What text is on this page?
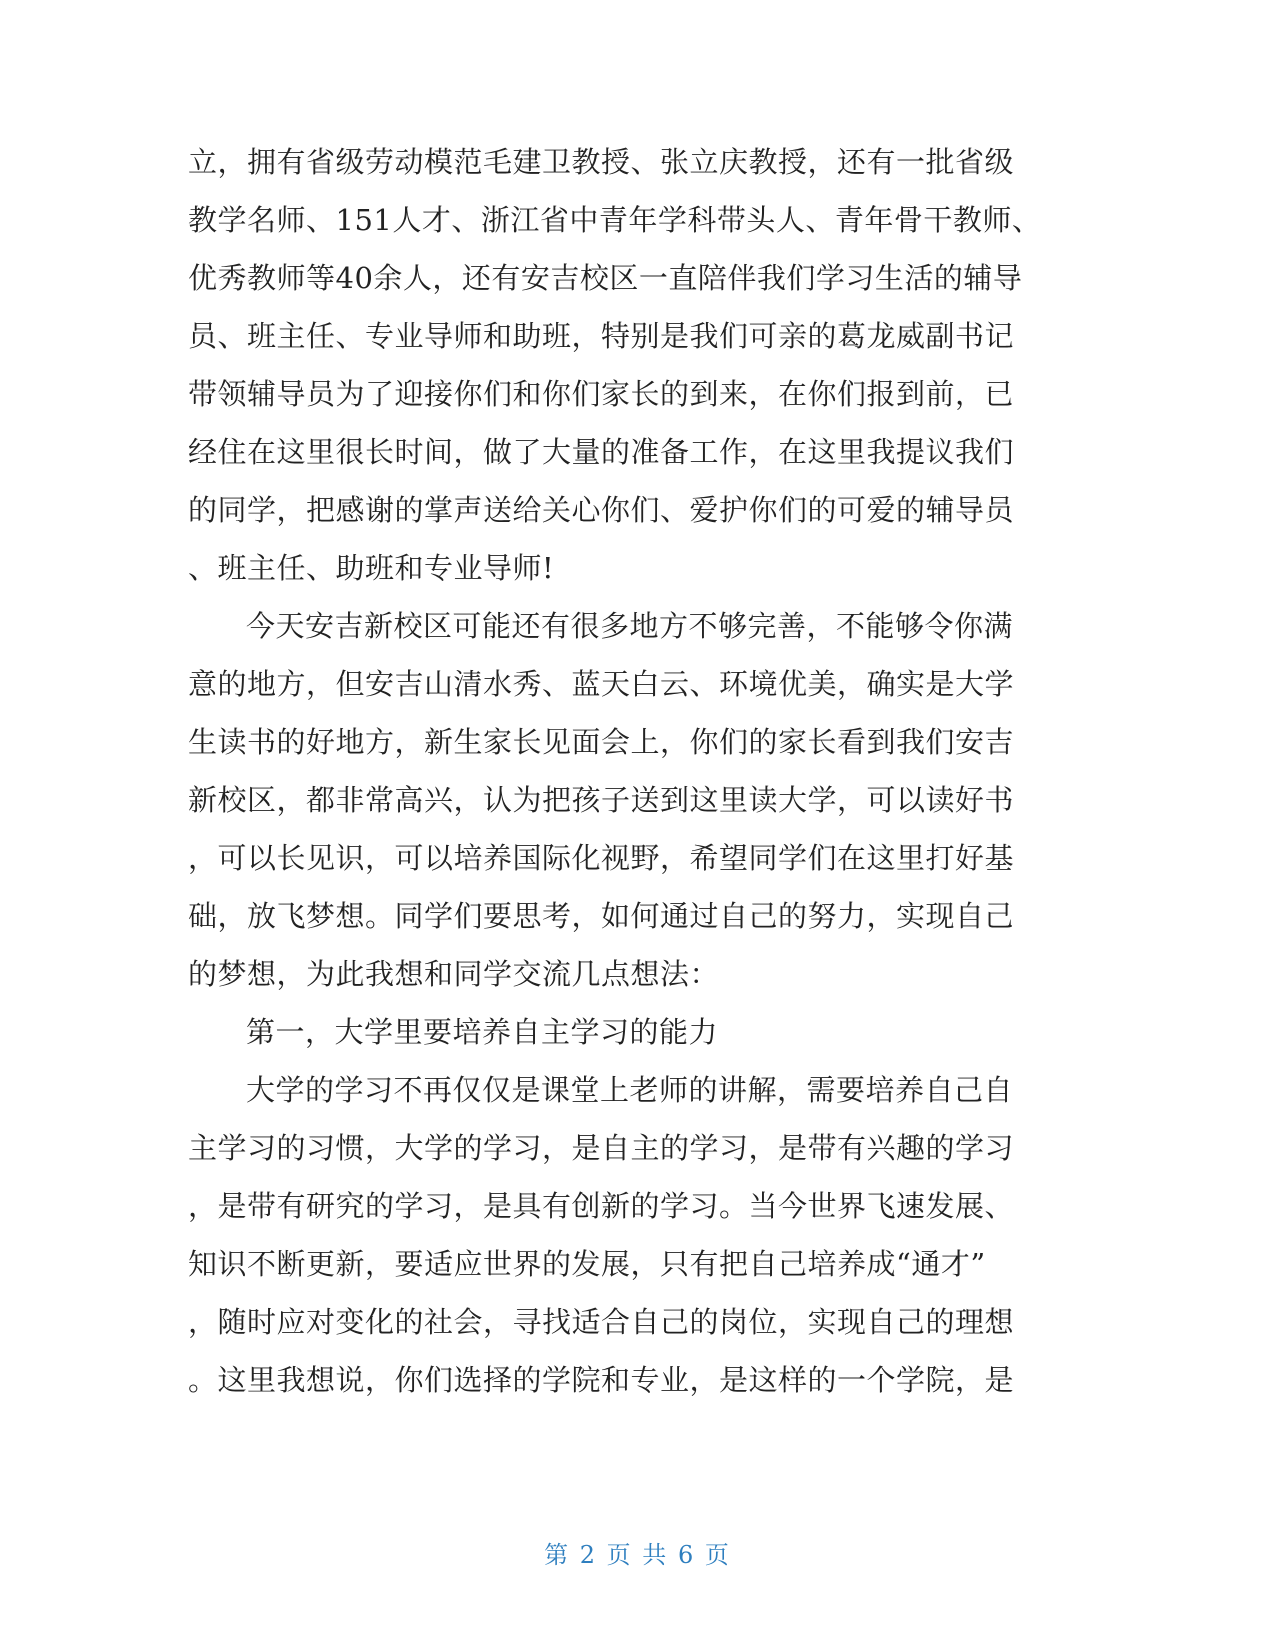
立，拥有省级劳动模范毛建卫教授、张立庆教授，还有一批省级
教学名师、151人才、浙江省中青年学科带头人、青年骨干教师、
优秀教师等40余人，还有安吉校区一直陪伴我们学习生活的辅导
员、班主任、专业导师和助班，特别是我们可亲的葛龙威副书记
带领辅导员为了迎接你们和你们家长的到来，在你们报到前，已
经住在这里很长时间，做了大量的准备工作，在这里我提议我们
的同学，把感谢的掌声送给关心你们、爱护你们的可爱的辅导员
、班主任、助班和专业导师!
今天安吉新校区可能还有很多地方不够完善，不能够令你满
意的地方，但安吉山清水秀、蓝天白云、环境优美，确实是大学
生读书的好地方，新生家长见面会上，你们的家长看到我们安吉
新校区，都非常高兴，认为把孩子送到这里读大学，可以读好书
，可以长见识，可以培养国际化视野，希望同学们在这里打好基
础，放飞梦想。同学们要思考，如何通过自己的努力，实现自己
的梦想，为此我想和同学交流几点想法：
第一，大学里要培养自主学习的能力
大学的学习不再仅仅是课堂上老师的讲解，需要培养自己自
主学习的习惯，大学的学习，是自主的学习，是带有兴趣的学习
，是带有研究的学习，是具有创新的学习。当今世界飞速发展、
知识不断更新，要适应世界的发展，只有把自己培养成“通才”
，随时应对变化的社会，寻找适合自己的岗位，实现自己的理想
。这里我想说，你们选择的学院和专业，是这样的一个学院，是
第 2 页 共 6 页
